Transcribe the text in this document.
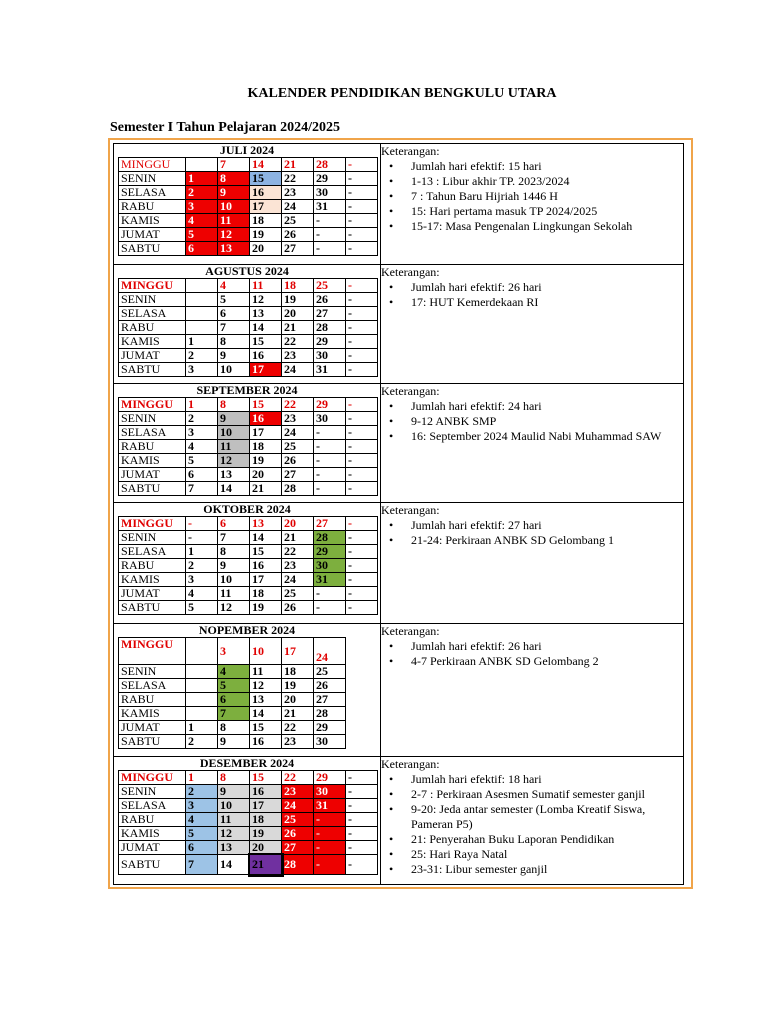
KALENDER PENDIDIKAN BENGKULU UTARA
Semester I Tahun Pelajaran 2024/2025
JULI 2024
MINGGU		7	14	21	28	-
SENIN	1	8	15	22	29	-
SELASA	2	9	16	23	30	-
RABU	3	10	17	24	31	-
KAMIS	4	11	18	25	-	-
JUMAT	5	12	19	26	-	-
SABTU	6	13	20	27	-	-

Keterangan:
• Jumlah hari efektif: 15 hari
• 1-13 : Libur akhir TP. 2023/2024
• 7 : Tahun Baru Hijriah 1446 H
• 15: Hari pertama masuk TP 2024/2025
• 15-17: Masa Pengenalan Lingkungan Sekolah

AGUSTUS 2024
MINGGU		4	11	18	25	-
SENIN		5	12	19	26	-
SELASA		6	13	20	27	-
RABU		7	14	21	28	-
KAMIS	1	8	15	22	29	-
JUMAT	2	9	16	23	30	-
SABTU	3	10	17	24	31	-

Keterangan:
• Jumlah hari efektif: 26 hari
• 17: HUT Kemerdekaan RI

SEPTEMBER 2024
MINGGU	1	8	15	22	29	-
SENIN	2	9	16	23	30	-
SELASA	3	10	17	24	-	-
RABU	4	11	18	25	-	-
KAMIS	5	12	19	26	-	-
JUMAT	6	13	20	27	-	-
SABTU	7	14	21	28	-	-

Keterangan:
• Jumlah hari efektif: 24 hari
• 9-12 ANBK SMP
• 16: September 2024 Maulid Nabi Muhammad SAW

OKTOBER 2024
MINGGU	-	6	13	20	27	-
SENIN	-	7	14	21	28	-
SELASA	1	8	15	22	29	-
RABU	2	9	16	23	30	-
KAMIS	3	10	17	24	31	-
JUMAT	4	11	18	25	-	-
SABTU	5	12	19	26	-	-

Keterangan:
• Jumlah hari efektif: 27 hari
• 21-24: Perkiraan ANBK SD Gelombang 1

NOPEMBER 2024
MINGGU		3	10	17	24
SENIN		4	11	18	25
SELASA		5	12	19	26
RABU		6	13	20	27
KAMIS		7	14	21	28
JUMAT	1	8	15	22	29
SABTU	2	9	16	23	30

Keterangan:
• Jumlah hari efektif: 26 hari
• 4-7 Perkiraan ANBK SD Gelombang 2

DESEMBER 2024
MINGGU	1	8	15	22	29	-
SENIN	2	9	16	23	30	-
SELASA	3	10	17	24	31	-
RABU	4	11	18	25	-	-
KAMIS	5	12	19	26	-	-
JUMAT	6	13	20	27	-	-
SABTU	7	14	21	28	-	-

Keterangan:
• Jumlah hari efektif: 18 hari
• 2-7 : Perkiraan Asesmen Sumatif semester ganjil
• 9-20: Jeda antar semester (Lomba Kreatif Siswa, Pameran P5)
• 21: Penyerahan Buku Laporan Pendidikan
• 25: Hari Raya Natal
• 23-31: Libur semester ganjil
